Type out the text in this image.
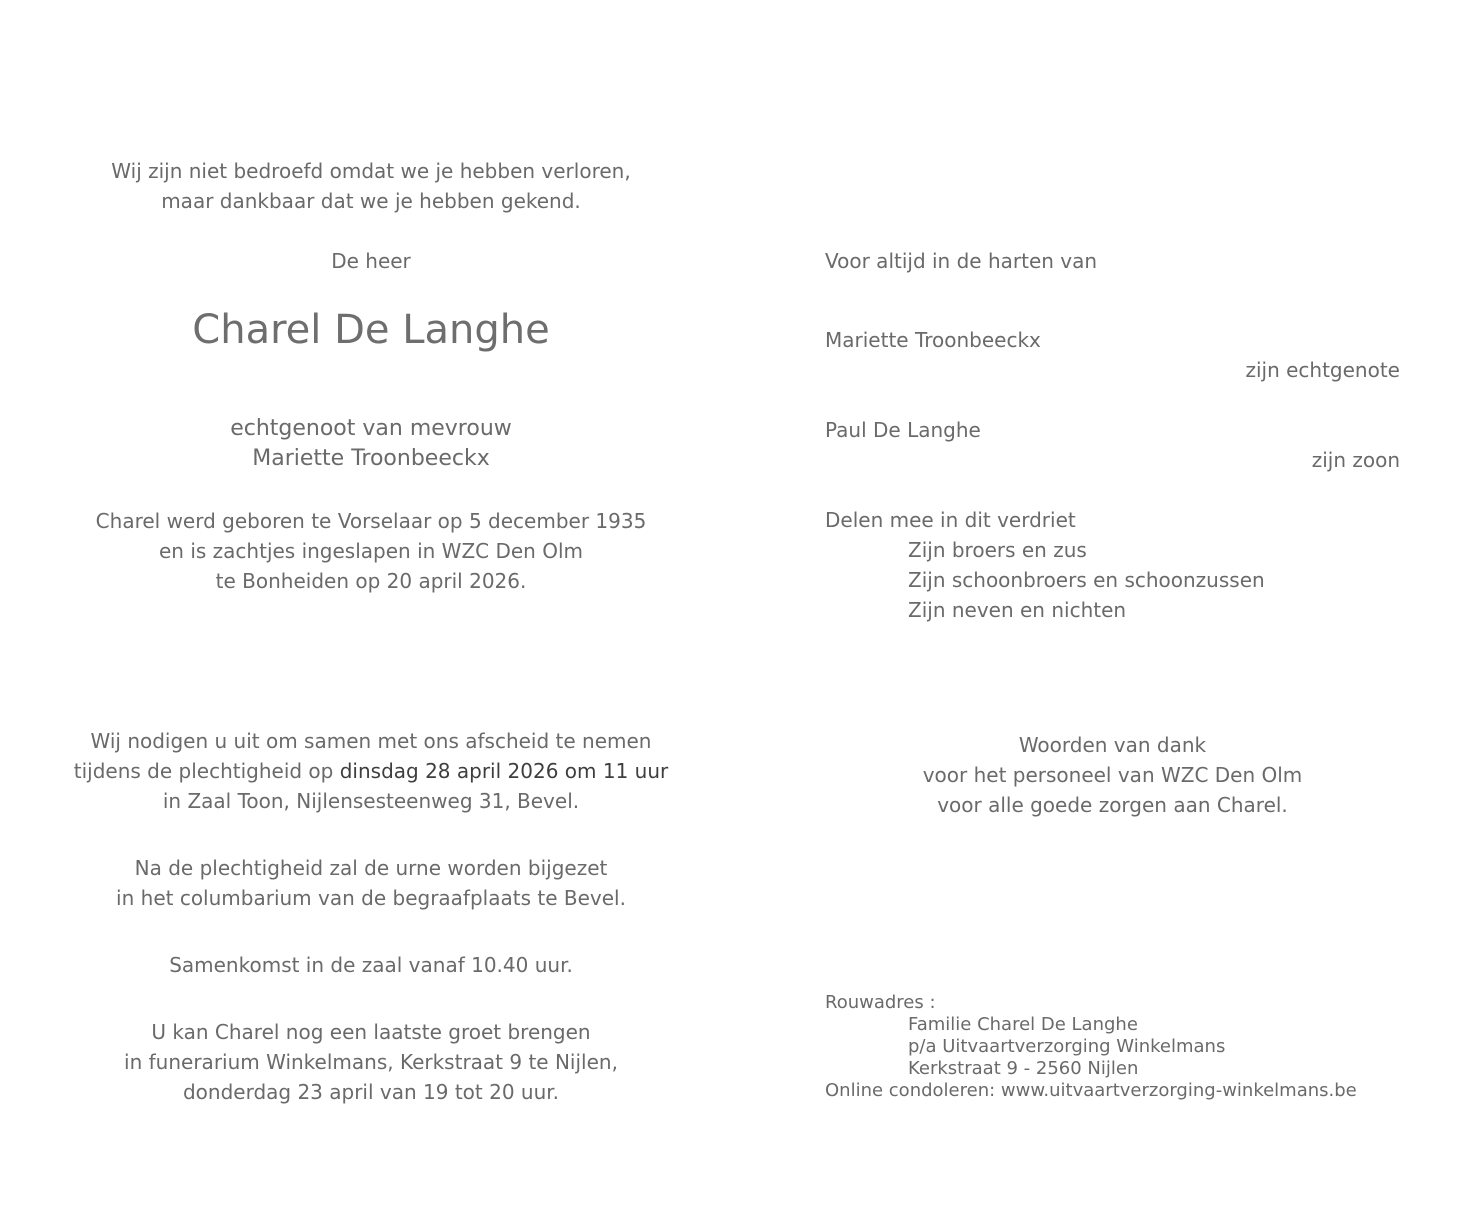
Wij zijn niet bedroefd omdat we je hebben verloren,
maar dankbaar dat we je hebben gekend.
De heer
Charel De Langhe
echtgenoot van mevrouw
Mariette Troonbeeckx
Charel werd geboren te Vorselaar op 5 december 1935
en is zachtjes ingeslapen in WZC Den Olm
te Bonheiden op 20 april 2026.
Wij nodigen u uit om samen met ons afscheid te nemen
tijdens de plechtigheid op dinsdag 28 april 2026 om 11 uur
in Zaal Toon, Nijlensesteenweg 31, Bevel.
Na de plechtigheid zal de urne worden bijgezet
in het columbarium van de begraafplaats te Bevel.
Samenkomst in de zaal vanaf 10.40 uur.
U kan Charel nog een laatste groet brengen
in funerarium Winkelmans, Kerkstraat 9 te Nijlen,
donderdag 23 april van 19 tot 20 uur.
Voor altijd in de harten van
Mariette Troonbeeckx
zijn echtgenote
Paul De Langhe
zijn zoon
Delen mee in dit verdriet
Zijn broers en zus
Zijn schoonbroers en schoonzussen
Zijn neven en nichten
Woorden van dank
voor het personeel van WZC Den Olm
voor alle goede zorgen aan Charel.
Rouwadres :
Familie Charel De Langhe
p/a Uitvaartverzorging Winkelmans
Kerkstraat 9 - 2560 Nijlen
Online condoleren: www.uitvaartverzorging-winkelmans.be
